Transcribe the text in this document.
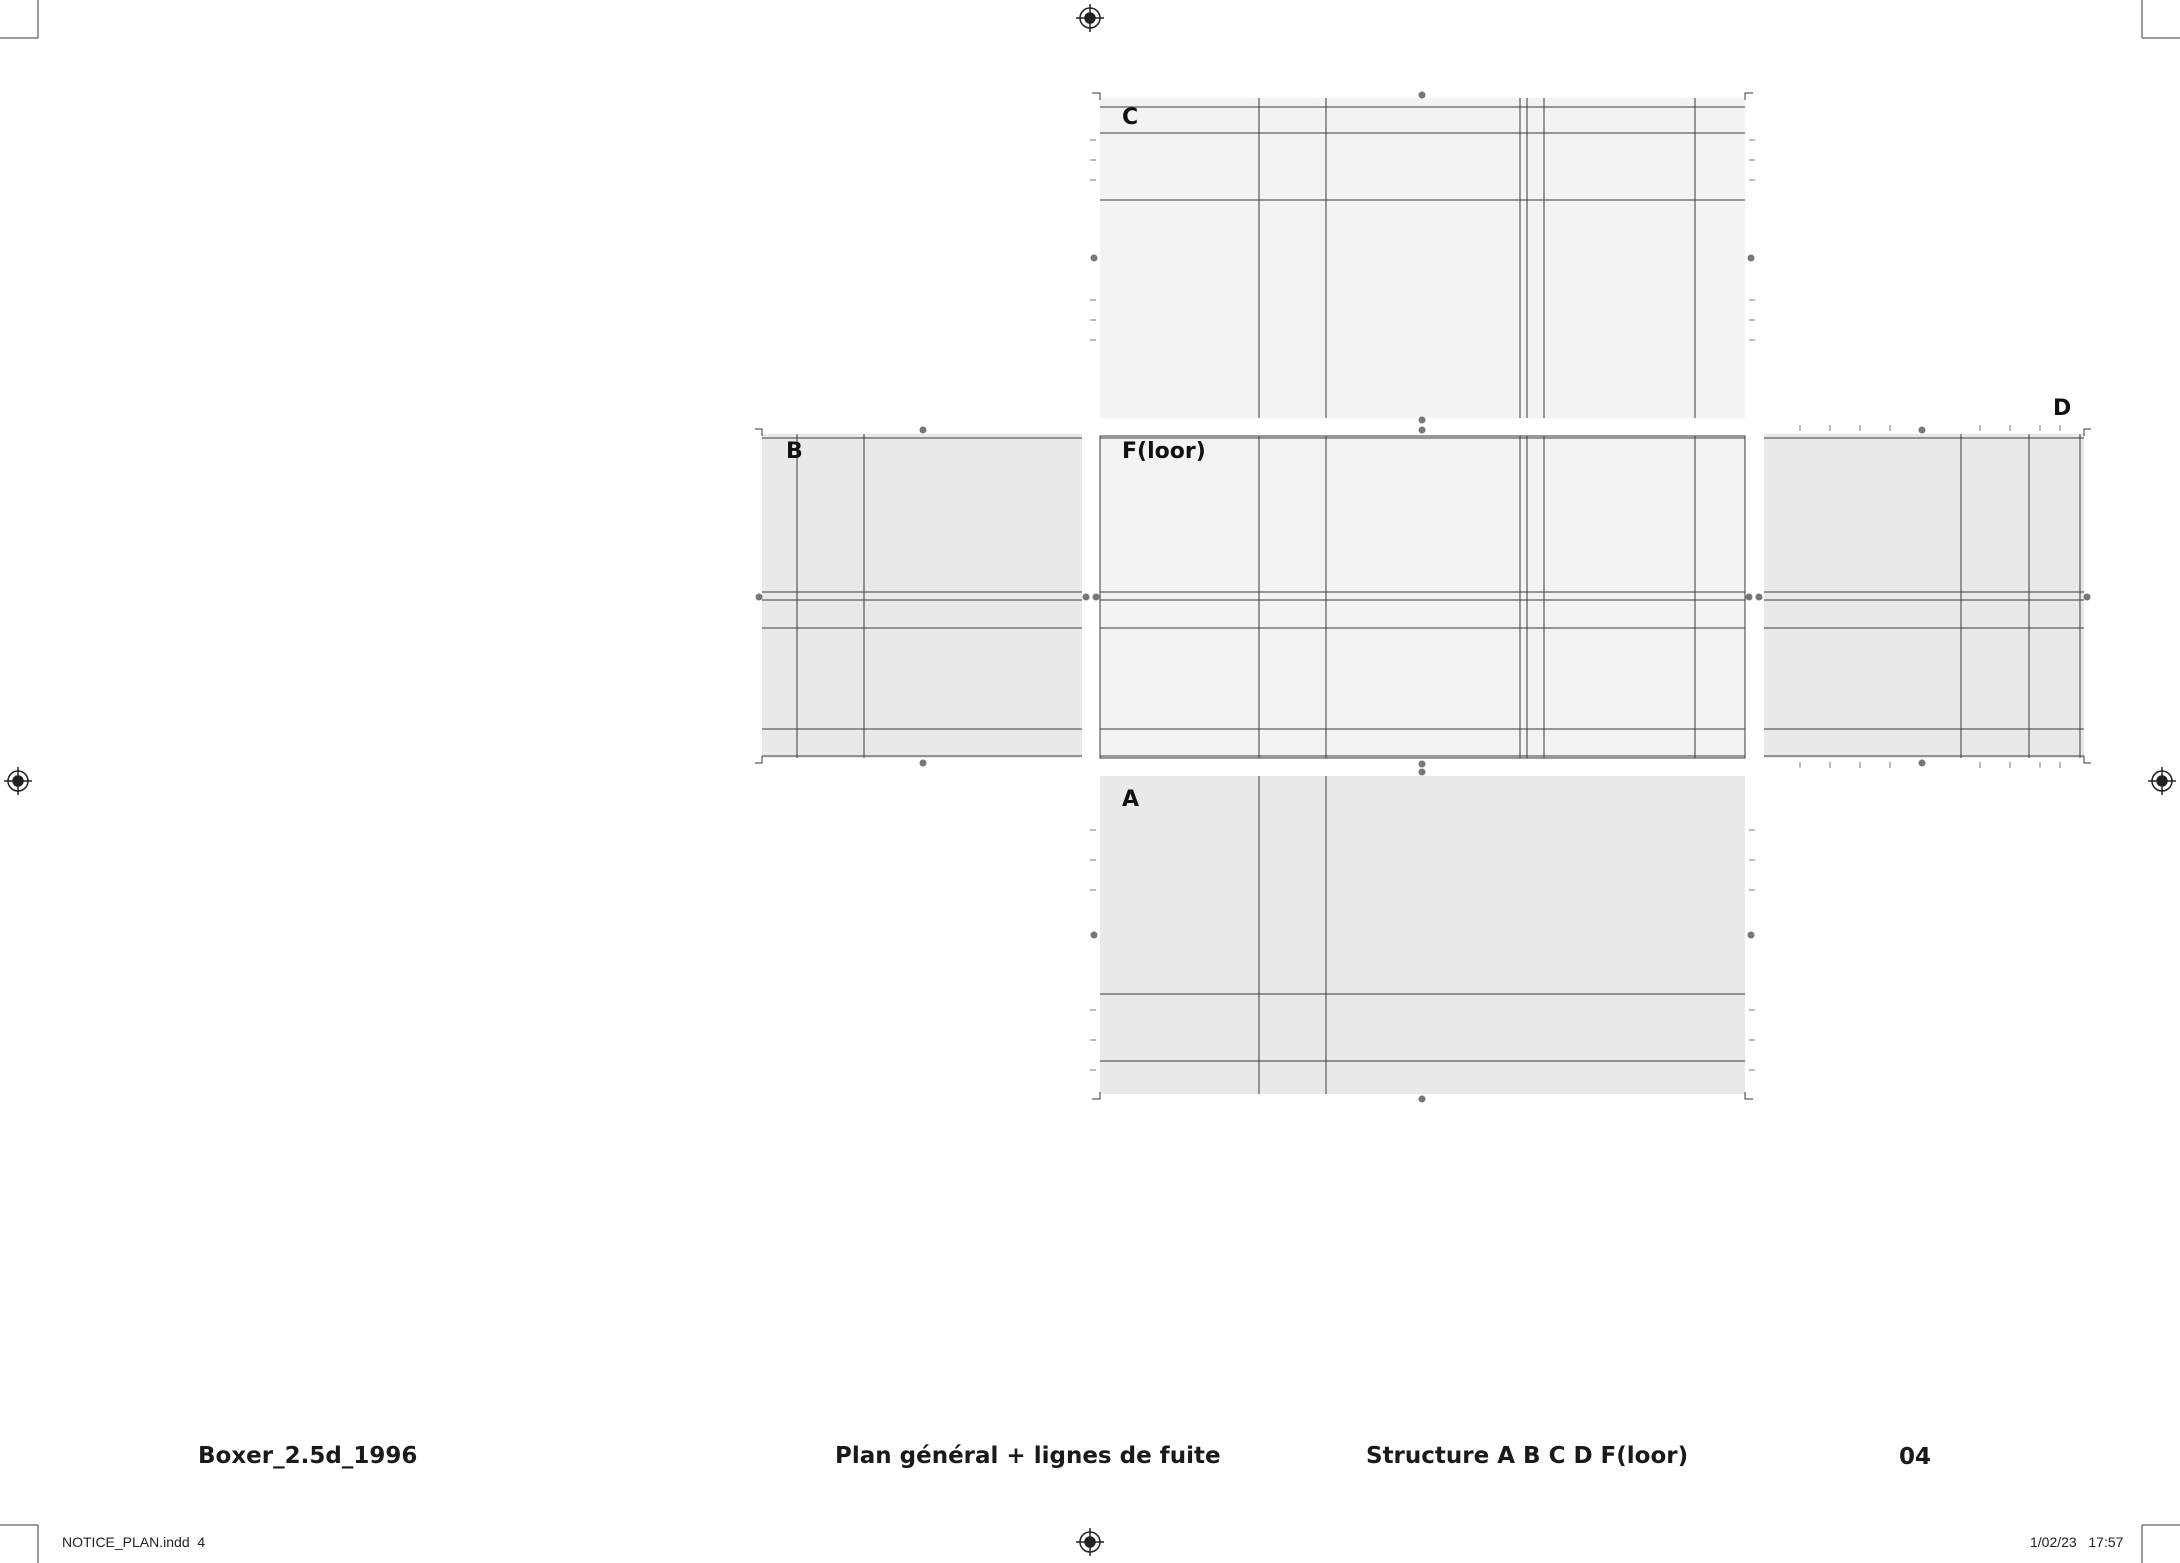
C
B	F(loor)
D
A
Boxer_2.5d_1996	Plan général + lignes de fuite	Structure A B C D F(loor)	04
NOTICE_PLAN.indd 4	1/02/23 17:57
